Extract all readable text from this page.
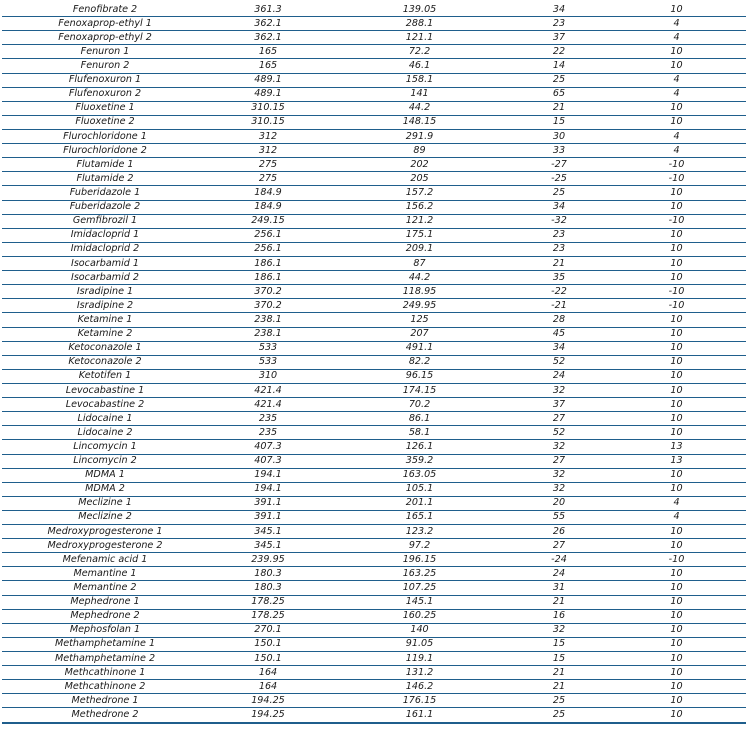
Fenofibrate 2	361.3	139.05	34	10
Fenoxaprop-ethyl 1	362.1	288.1	23	4
Fenoxaprop-ethyl 2	362.1	121.1	37	4
Fenuron 1	165	72.2	22	10
Fenuron 2	165	46.1	14	10
Flufenoxuron 1	489.1	158.1	25	4
Flufenoxuron 2	489.1	141	65	4
Fluoxetine 1	310.15	44.2	21	10
Fluoxetine 2	310.15	148.15	15	10
Flurochloridone 1	312	291.9	30	4
Flurochloridone 2	312	89	33	4
Flutamide 1	275	202	-27	-10
Flutamide 2	275	205	-25	-10
Fuberidazole 1	184.9	157.2	25	10
Fuberidazole 2	184.9	156.2	34	10
Gemfibrozil 1	249.15	121.2	-32	-10
Imidacloprid 1	256.1	175.1	23	10
Imidacloprid 2	256.1	209.1	23	10
Isocarbamid 1	186.1	87	21	10
Isocarbamid 2	186.1	44.2	35	10
Isradipine 1	370.2	118.95	-22	-10
Isradipine 2	370.2	249.95	-21	-10
Ketamine 1	238.1	125	28	10
Ketamine 2	238.1	207	45	10
Ketoconazole 1	533	491.1	34	10
Ketoconazole 2	533	82.2	52	10
Ketotifen 1	310	96.15	24	10
Levocabastine 1	421.4	174.15	32	10
Levocabastine 2	421.4	70.2	37	10
Lidocaine 1	235	86.1	27	10
Lidocaine 2	235	58.1	52	10
Lincomycin 1	407.3	126.1	32	13
Lincomycin 2	407.3	359.2	27	13
MDMA 1	194.1	163.05	32	10
MDMA 2	194.1	105.1	32	10
Meclizine 1	391.1	201.1	20	4
Meclizine 2	391.1	165.1	55	4
Medroxyprogesterone 1	345.1	123.2	26	10
Medroxyprogesterone 2	345.1	97.2	27	10
Mefenamic acid 1	239.95	196.15	-24	-10
Memantine 1	180.3	163.25	24	10
Memantine 2	180.3	107.25	31	10
Mephedrone 1	178.25	145.1	21	10
Mephedrone 2	178.25	160.25	16	10
Mephosfolan 1	270.1	140	32	10
Methamphetamine 1	150.1	91.05	15	10
Methamphetamine 2	150.1	119.1	15	10
Methcathinone 1	164	131.2	21	10
Methcathinone 2	164	146.2	21	10
Methedrone 1	194.25	176.15	25	10
Methedrone 2	194.25	161.1	25	10
